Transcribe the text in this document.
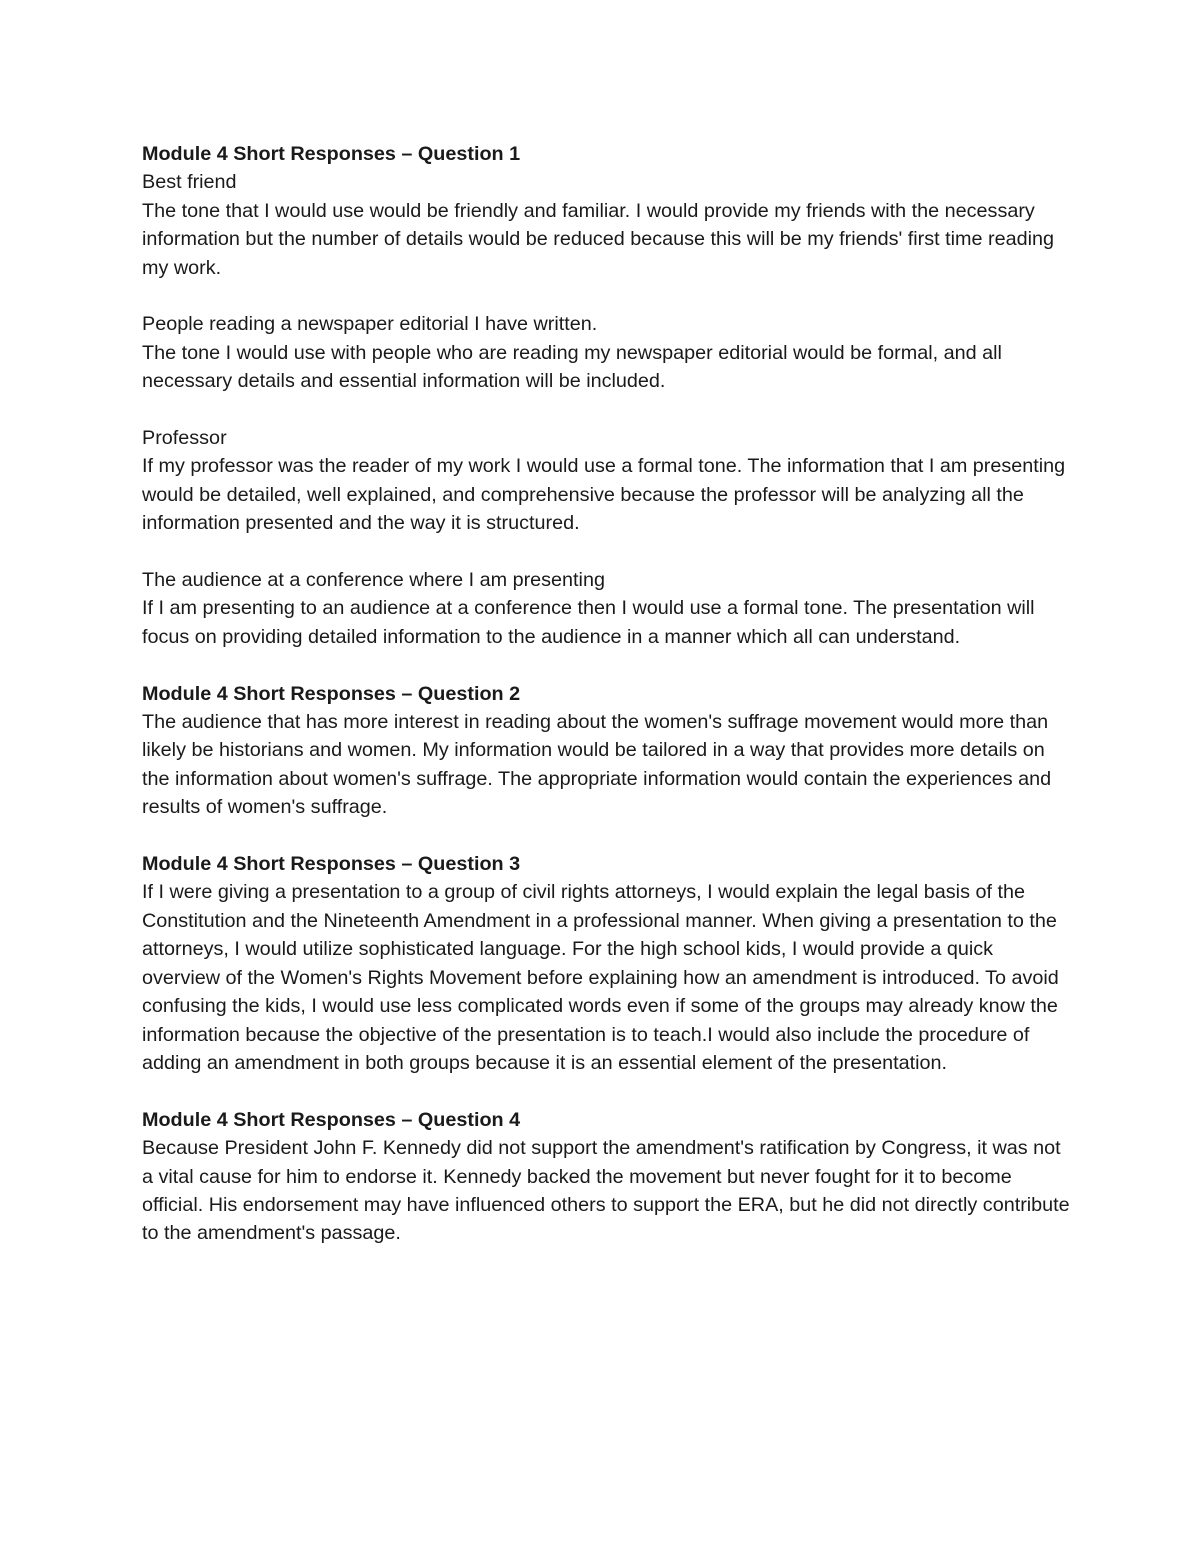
Module 4 Short Responses – Question 1

Best friend

The tone that I would use would be friendly and familiar. I would provide my friends with the necessary information but the number of details would be reduced because this will be my friends' first time reading my work.

People reading a newspaper editorial I have written.

The tone I would use with people who are reading my newspaper editorial would be formal, and all necessary details and essential information will be included.

Professor

If my professor was the reader of my work I would use a formal tone. The information that I am presenting would be detailed, well explained, and comprehensive because the professor will be analyzing all the information presented and the way it is structured.

The audience at a conference where I am presenting

If I am presenting to an audience at a conference then I would use a formal tone. The presentation will focus on providing detailed information to the audience in a manner which all can understand.

Module 4 Short Responses – Question 2

The audience that has more interest in reading about the women's suffrage movement would more than likely be historians and women. My information would be tailored in a way that provides more details on the information about women's suffrage. The appropriate information would contain the experiences and results of women's suffrage.

Module 4 Short Responses – Question 3

If I were giving a presentation to a group of civil rights attorneys, I would explain the legal basis of the Constitution and the Nineteenth Amendment in a professional manner. When giving a presentation to the attorneys, I would utilize sophisticated language. For the high school kids, I would provide a quick overview of the Women's Rights Movement before explaining how an amendment is introduced. To avoid confusing the kids, I would use less complicated words even if some of the groups may already know the information because the objective of the presentation is to teach.I would also include the procedure of adding an amendment in both groups because it is an essential element of the presentation.

Module 4 Short Responses – Question 4

Because President John F. Kennedy did not support the amendment's ratification by Congress, it was not a vital cause for him to endorse it. Kennedy backed the movement but never fought for it to become official. His endorsement may have influenced others to support the ERA, but he did not directly contribute to the amendment's passage.
